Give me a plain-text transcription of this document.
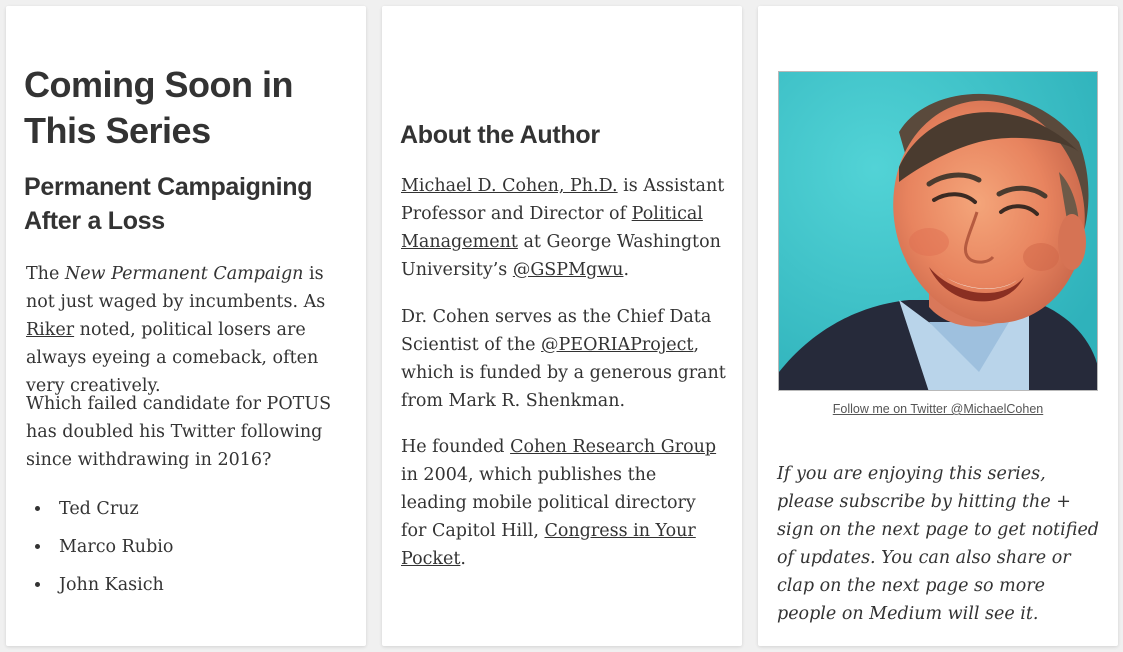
Coming Soon in This Series
Permanent Campaigning After a Loss

The New Permanent Campaign is not just waged by incumbents. As Riker noted, political losers are always eyeing a comeback, often very creatively.

Which failed candidate for POTUS has doubled his Twitter following since withdrawing in 2016?

Ted Cruz
Marco Rubio
John Kasich
About the Author

Michael D. Cohen, Ph.D. is Assistant Professor and Director of Political Management at George Washington University’s @GSPMgwu.

Dr. Cohen serves as the Chief Data Scientist of the @PEORIAProject, which is funded by a generous grant from Mark R. Shenkman.

He founded Cohen Research Group in 2004, which publishes the leading mobile political directory for Capitol Hill, Congress in Your Pocket.

Follow me on Twitter @MichaelCohen

If you are enjoying this series, please subscribe by hitting the + sign on the next page to get notified of updates. You can also share or clap on the next page so more people on Medium will see it.
